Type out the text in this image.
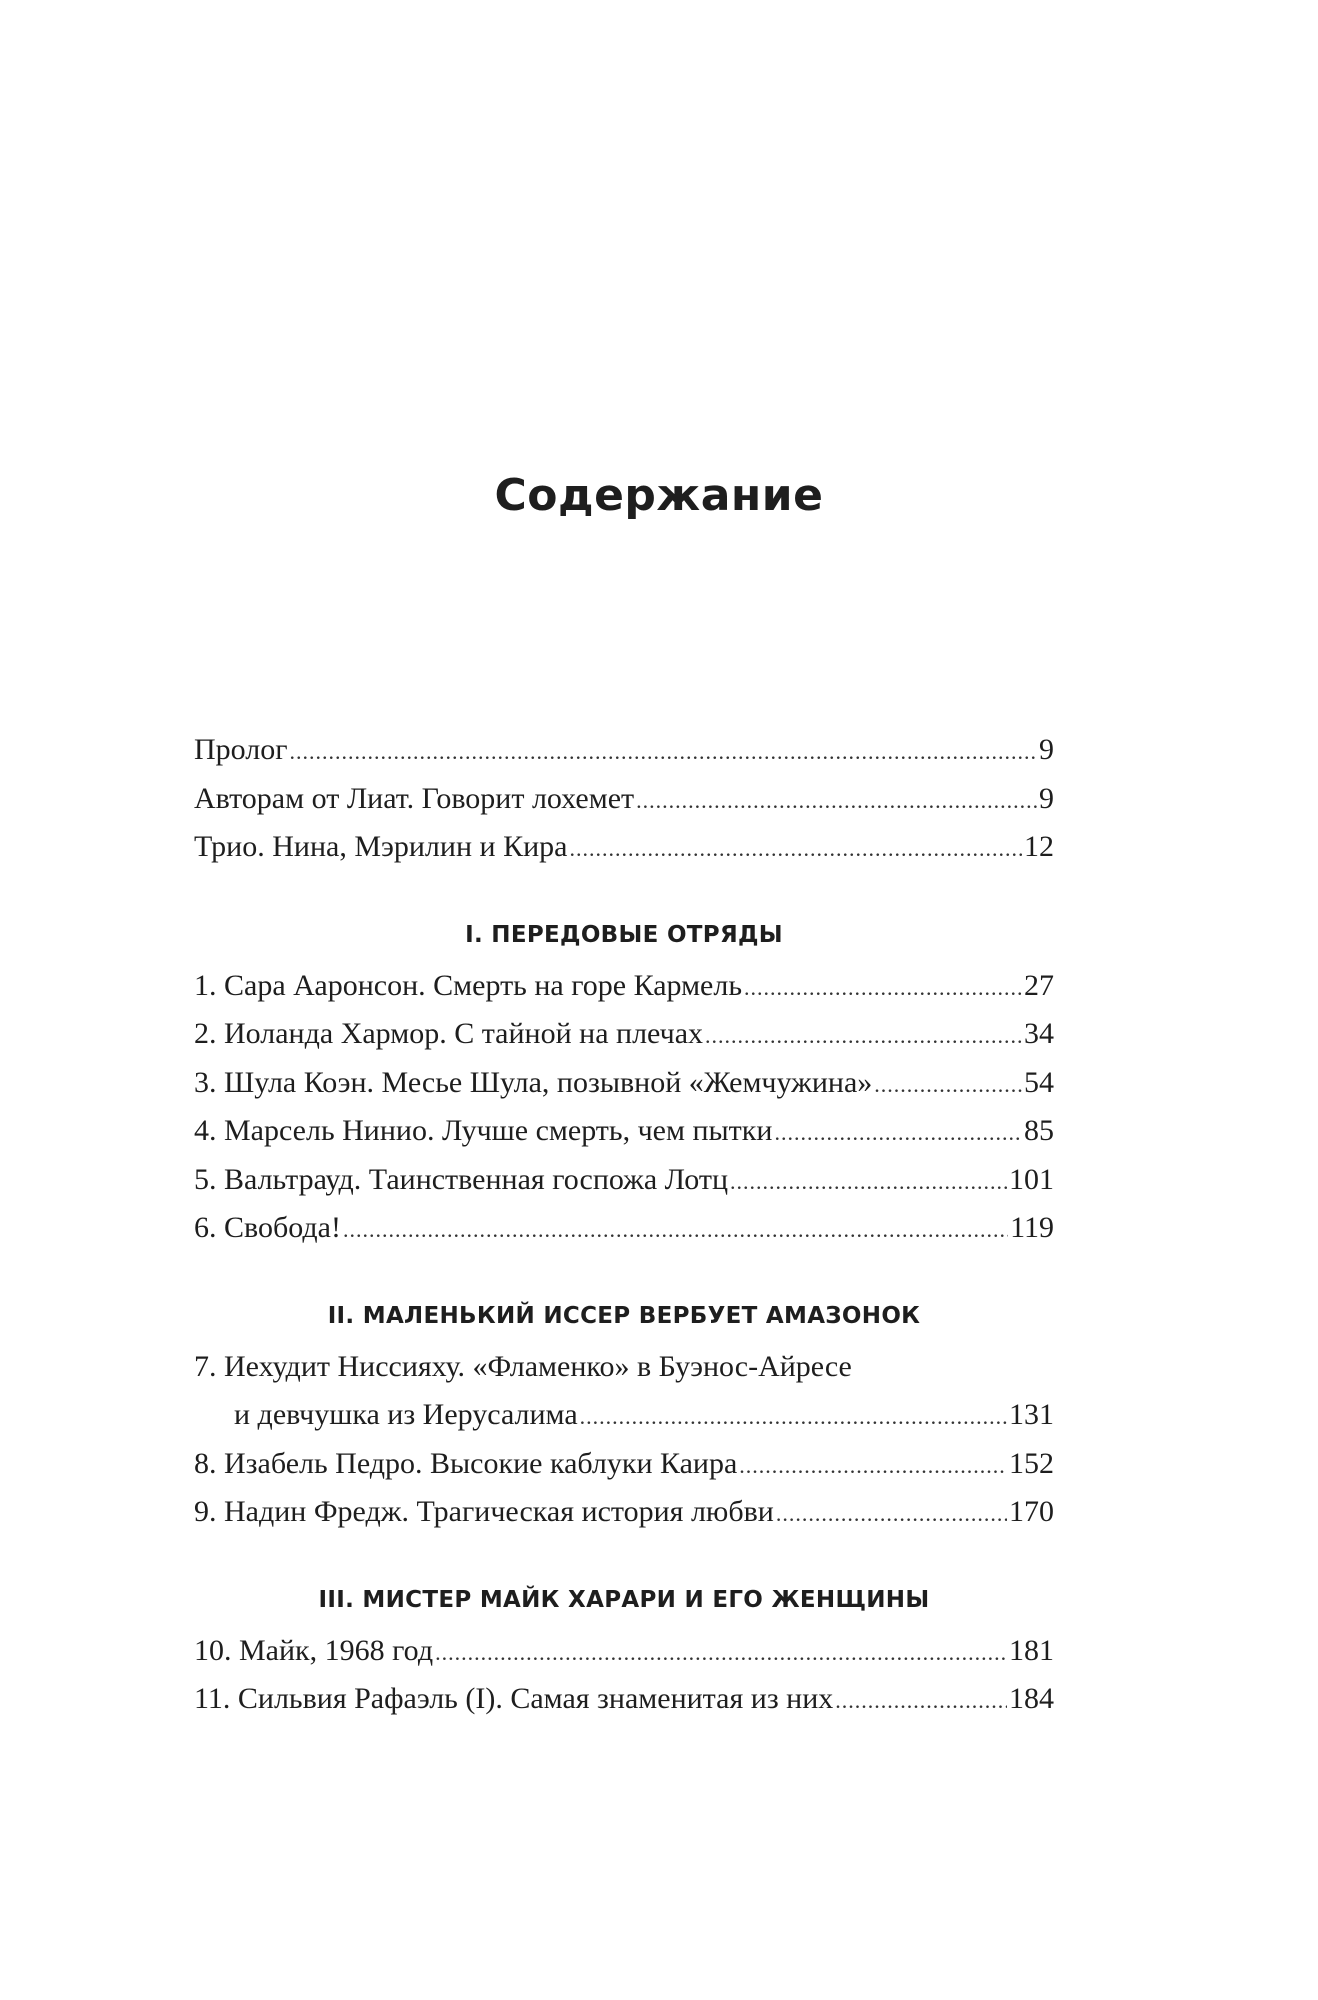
Содержание
Пролог .....	9
Авторам от Лиат. Говорит лохемет .....	9
Трио. Нина, Мэрилин и Кира .....	12
I. ПЕРЕДОВЫЕ ОТРЯДЫ
1. Сара Ааронсон. Смерть на горе Кармель .....	27
2. Иоланда Хармор. С тайной на плечах .....	34
3. Шула Коэн. Месье Шула, позывной «Жемчужина» .....	54
4. Марсель Нинио. Лучше смерть, чем пытки .....	85
5. Вальтрауд. Таинственная госпожа Лотц .....	101
6. Свобода! .....	119
II. МАЛЕНЬКИЙ ИССЕР ВЕРБУЕТ АМАЗОНОК
7. Иехудит Ниссияху. «Фламенко» в Буэнос-Айресе
и девчушка из Иерусалима .....	131
8. Изабель Педро. Высокие каблуки Каира .....	152
9. Надин Фредж. Трагическая история любви .....	170
III. МИСТЕР МАЙК ХАРАРИ И ЕГО ЖЕНЩИНЫ
10. Майк, 1968 год .....	181
11. Сильвия Рафаэль (I). Самая знаменитая из них .....	184
